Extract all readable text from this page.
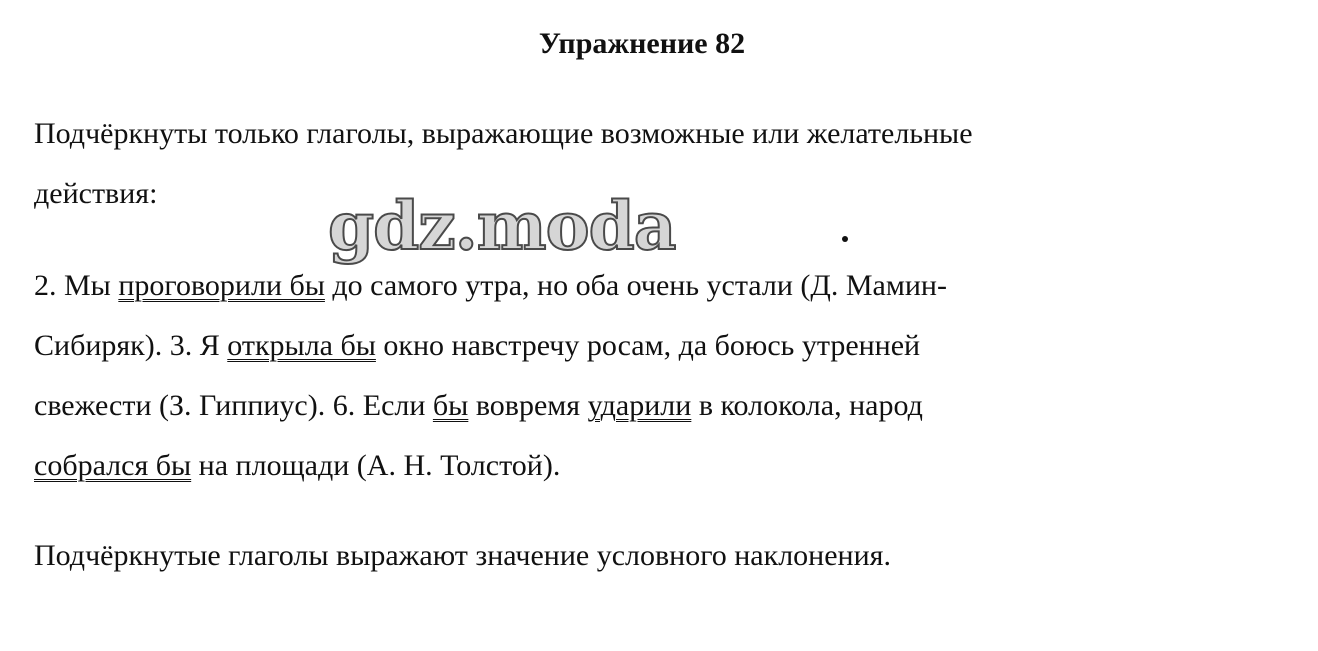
Упражнение 82
Подчёркнуты только глаголы, выражающие возможные или желательные
действия:	gdz.moda
2. Мы проговорили бы до самого утра, но оба очень устали (Д. Мамин-
Сибиряк). 3. Я открыла бы окно навстречу росам, да боюсь утренней
свежести (З. Гиппиус). 6. Если бы вовремя ударили в колокола, народ
собрался бы на площади (А. Н. Толстой).
Подчёркнутые глаголы выражают значение условного наклонения.
